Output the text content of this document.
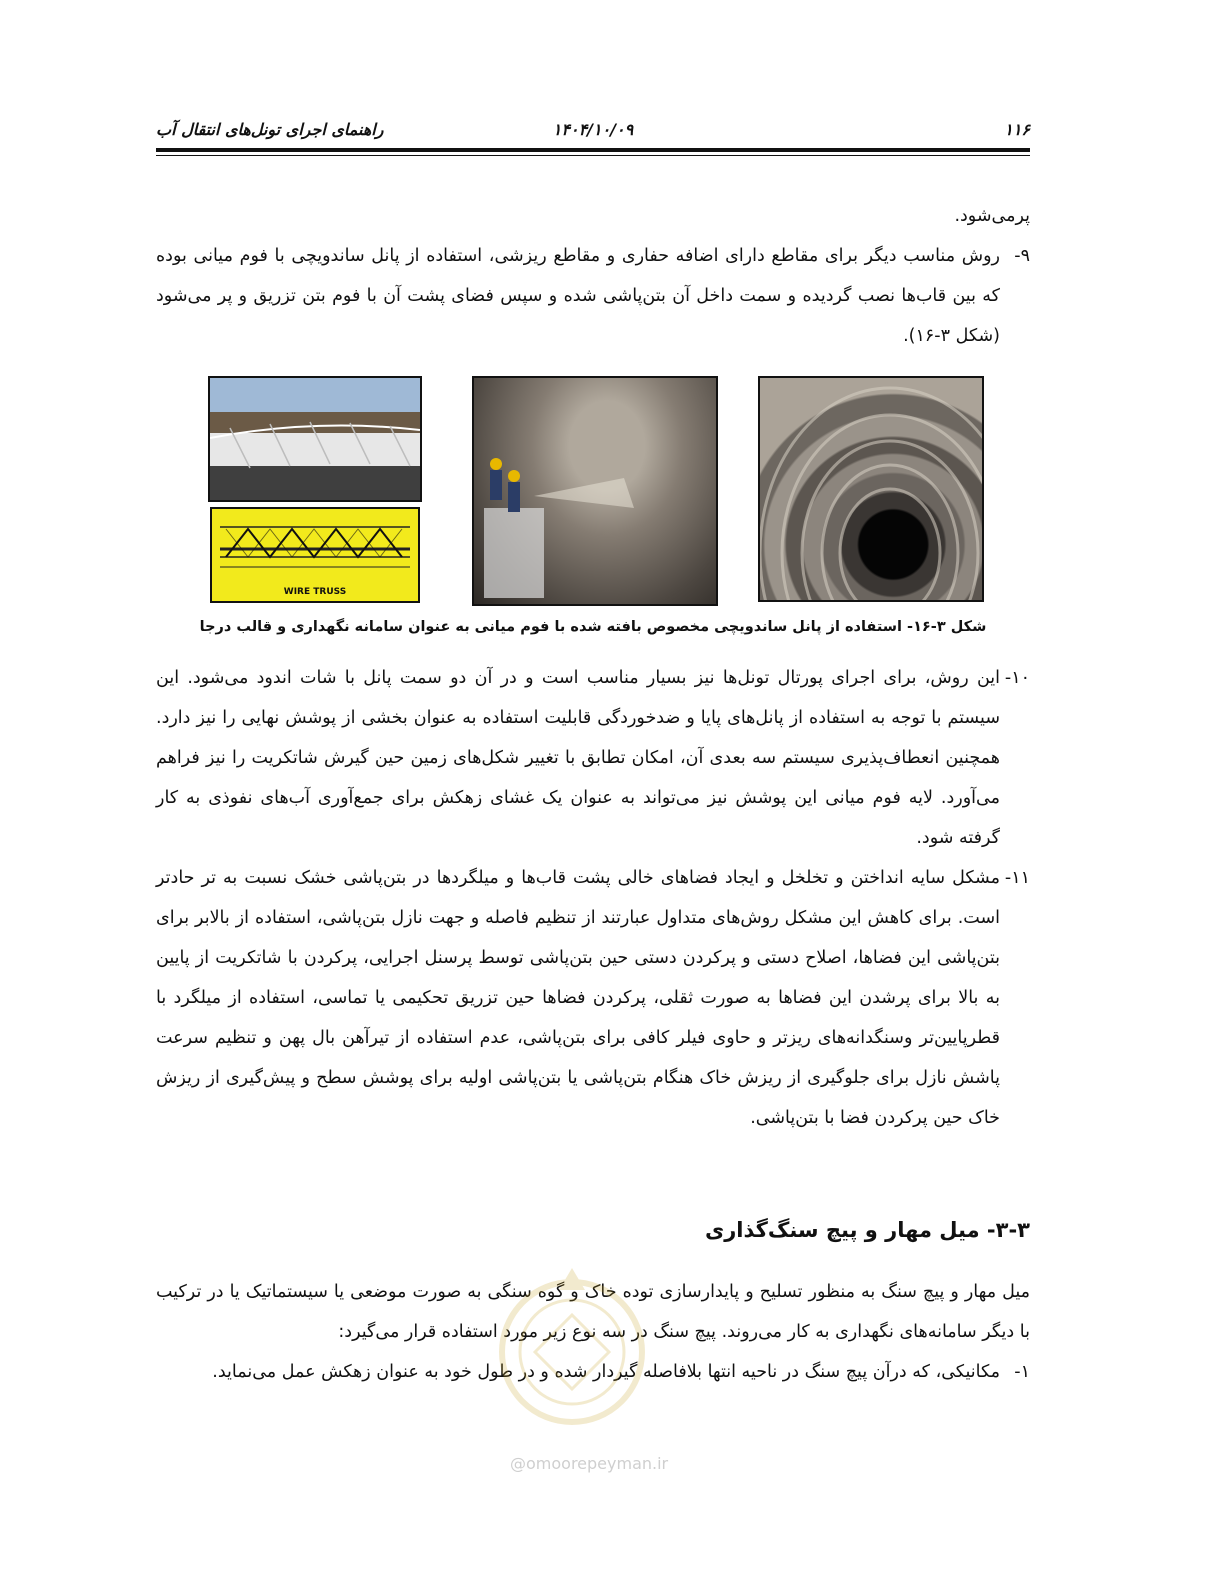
۱۱۶
۱۴۰۴/۱۰/۰۹
راهنمای اجرای تونل‌های انتقال آب

پرمی‌شود.

۹-

روش مناسب دیگر برای مقاطع دارای اضافه حفاری و مقاطع ریزشی، استفاده از پانل ساندویچی با فوم میانی بوده که بین قاب‌ها نصب گردیده و سمت داخل آن بتن‌پاشی شده و سپس فضای پشت آن با فوم بتن تزریق و پر می‌شود (شکل ۳-۱۶).

WIRE TRUSS
شکل ۳-۱۶- استفاده از پانل ساندویچی مخصوص بافته شده با فوم میانی به عنوان سامانه نگهداری و قالب درجا
۱۰-

این روش، برای اجرای پورتال تونل‌ها نیز بسیار مناسب است و در آن دو سمت پانل با شات اندود می‌شود. این سیستم با توجه به استفاده از پانل‌های پایا و ضدخوردگی قابلیت استفاده به عنوان بخشی از پوشش نهایی را نیز دارد. همچنین انعطاف‌پذیری سیستم سه بعدی آن، امکان تطابق با تغییر شکل‌های زمین حین گیرش شاتکریت را نیز فراهم می‌آورد. لایه فوم میانی این پوشش نیز می‌تواند به عنوان یک غشای زهکش برای جمع‌آوری آب‌های نفوذی به کار گرفته شود.

۱۱-

مشکل سایه انداختن و تخلخل و ایجاد فضاهای خالی پشت قاب‌ها و میلگردها در بتن‌پاشی خشک نسبت به تر حادتر است. برای کاهش این مشکل روش‌های متداول عبارتند از تنظیم فاصله و جهت نازل بتن‌پاشی، استفاده از بالابر برای بتن‌پاشی این فضاها، اصلاح دستی و پرکردن دستی حین بتن‌پاشی توسط پرسنل اجرایی، پرکردن با شاتکریت از پایین به بالا برای پرشدن این فضاها به صورت ثقلی، پرکردن فضاها حین تزریق تحکیمی یا تماسی، استفاده از میلگرد با قطرپایین‌تر وسنگدانه‌های ریزتر و حاوی فیلر کافی برای بتن‌پاشی، عدم استفاده از تیرآهن بال پهن و تنظیم سرعت پاشش نازل برای جلوگیری از ریزش خاک هنگام بتن‌پاشی یا بتن‌پاشی اولیه برای پوشش سطح و پیش‌گیری از ریزش خاک حین پرکردن فضا با بتن‌پاشی.

۳-۳- میل مهار و پیچ سنگ‌گذاری

میل مهار و پیچ سنگ به منظور تسلیح و پایدارسازی توده خاک و گوه سنگی به صورت موضعی یا سیستماتیک یا در ترکیب با دیگر سامانه‌های نگهداری به کار می‌روند. پیچ سنگ در سه نوع زیر مورد استفاده قرار می‌گیرد:

۱-

مکانیکی، که درآن پیچ سنگ در ناحیه انتها بلافاصله گیردار شده و در طول خود به عنوان زهکش عمل می‌نماید.

@omoorepeyman.ir
